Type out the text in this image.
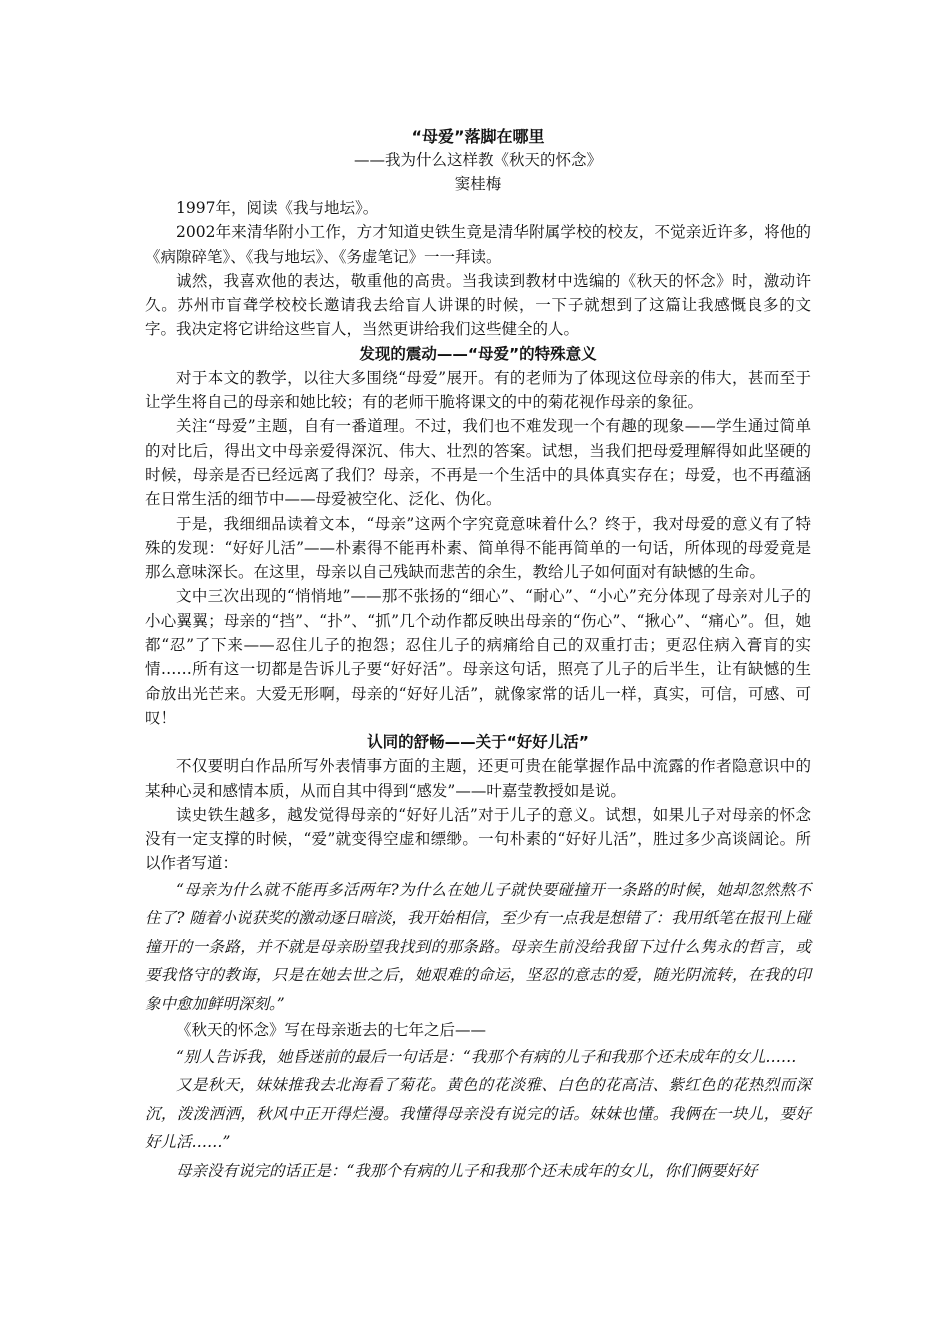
“母爱”落脚在哪里
——我为什么这样教《秋天的怀念》
窦桂梅

1997年，阅读《我与地坛》。

2002年来清华附小工作，方才知道史铁生竟是清华附属学校的校友，不觉亲近许多，将他的《病隙碎笔》、《我与地坛》、《务虚笔记》一一拜读。

诚然，我喜欢他的表达，敬重他的高贵。当我读到教材中选编的《秋天的怀念》时，激动许久。苏州市盲聋学校校长邀请我去给盲人讲课的时候，一下子就想到了这篇让我感慨良多的文字。我决定将它讲给这些盲人，当然更讲给我们这些健全的人。

发现的震动——“母爱”的特殊意义

对于本文的教学，以往大多围绕“母爱”展开。有的老师为了体现这位母亲的伟大，甚而至于让学生将自己的母亲和她比较；有的老师干脆将课文的中的菊花视作母亲的象征。

关注“母爱”主题，自有一番道理。不过，我们也不难发现一个有趣的现象——学生通过简单的对比后，得出文中母亲爱得深沉、伟大、壮烈的答案。试想，当我们把母爱理解得如此坚硬的时候，母亲是否已经远离了我们？母亲，不再是一个生活中的具体真实存在；母爱，也不再蕴涵在日常生活的细节中——母爱被空化、泛化、伪化。

于是，我细细品读着文本，“母亲”这两个字究竟意味着什么？终于，我对母爱的意义有了特殊的发现：“好好儿活”——朴素得不能再朴素、简单得不能再简单的一句话，所体现的母爱竟是那么意味深长。在这里，母亲以自己残缺而悲苦的余生，教给儿子如何面对有缺憾的生命。

文中三次出现的“悄悄地”——那不张扬的“细心”、“耐心”、“小心”充分体现了母亲对儿子的小心翼翼；母亲的“挡”、“扑”、“抓”几个动作都反映出母亲的“伤心”、“揪心”、“痛心”。但，她都“忍”了下来——忍住儿子的抱怨；忍住儿子的病痛给自己的双重打击；更忍住病入膏肓的实情……所有这一切都是告诉儿子要“好好活”。母亲这句话，照亮了儿子的后半生，让有缺憾的生命放出光芒来。大爱无形啊，母亲的“好好儿活”，就像家常的话儿一样，真实，可信，可感、可叹！

认同的舒畅——关于“好好儿活”

不仅要明白作品所写外表情事方面的主题，还更可贵在能掌握作品中流露的作者隐意识中的某种心灵和感情本质，从而自其中得到“感发”——叶嘉莹教授如是说。

读史铁生越多，越发觉得母亲的“好好儿活”对于儿子的意义。试想，如果儿子对母亲的怀念没有一定支撑的时候，“爱”就变得空虚和缥缈。一句朴素的“好好儿活”，胜过多少高谈阔论。所以作者写道：

“母亲为什么就不能再多活两年?为什么在她儿子就快要碰撞开一条路的时候，她却忽然熬不住了? 随着小说获奖的激动逐日暗淡，我开始相信，至少有一点我是想错了：我用纸笔在报刊上碰撞开的一条路，并不就是母亲盼望我找到的那条路。母亲生前没给我留下过什么隽永的哲言，或要我恪守的教诲，只是在她去世之后，她艰难的命运，坚忍的意志的爱，随光阴流转，在我的印象中愈加鲜明深刻。”

《秋天的怀念》写在母亲逝去的七年之后——

“别人告诉我，她昏迷前的最后一句话是：“我那个有病的儿子和我那个还未成年的女儿……

又是秋天，妹妹推我去北海看了菊花。黄色的花淡雅、白色的花高洁、紫红色的花热烈而深沉，泼泼洒洒，秋风中正开得烂漫。我懂得母亲没有说完的话。妹妹也懂。我俩在一块儿，要好好儿活……”

母亲没有说完的话正是：“我那个有病的儿子和我那个还未成年的女儿，你们俩要好好
